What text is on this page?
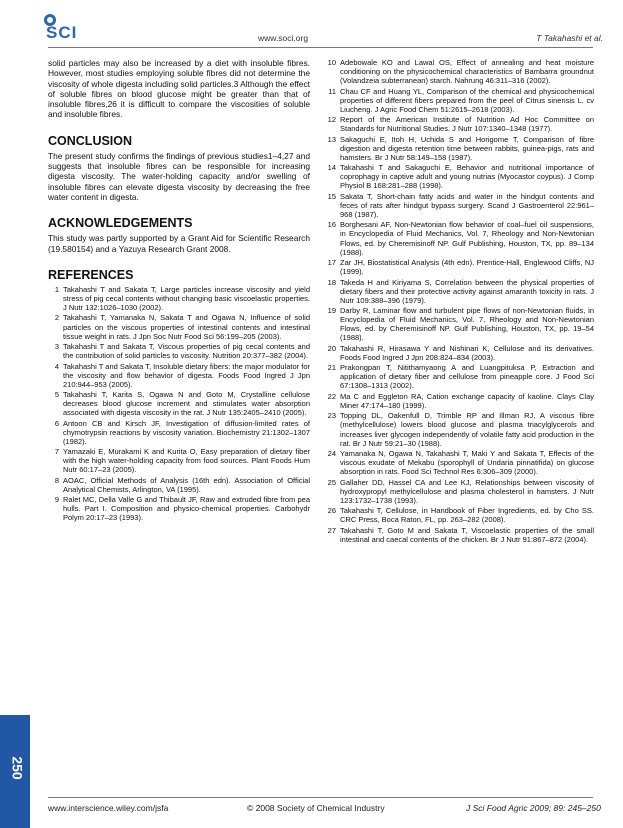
SCI	www.soci.org	T Takahashi et al.

solid particles may also be increased by a diet with insoluble fibres. However, most studies employing soluble fibres did not determine the viscosity of whole digesta including solid particles.3 Although the effect of soluble fibres on blood glucose might be greater than that of insoluble fibres,26 it is difficult to compare the viscosities of soluble and insoluble fibres.

CONCLUSION

The present study confirms the findings of previous studies1–4,27 and suggests that insoluble fibres can be responsible for increasing digesta viscosity. The water-holding capacity and/or swelling of insoluble fibres can elevate digesta viscosity by decreasing the free water content in digesta.

ACKNOWLEDGEMENTS

This study was partly supported by a Grant Aid for Scientific Research (19.580154) and a Yazuya Research Grant 2008.

REFERENCES
1 Takahashi T and Sakata T, Large particles increase viscosity and yield stress of pig cecal contents without changing basic viscoelastic properties. J Nutr 132:1026–1030 (2002).
2 Takahashi T, Yamanaka N, Sakata T and Ogawa N, Influence of solid particles on the viscous properties of intestinal contents and intestinal tissue weight in rats. J Jpn Soc Nutr Food Sci 56:199–205 (2003).
3 Takahashi T and Sakata T, Viscous properties of pig cecal contents and the contribution of solid particles to viscosity. Nutrition 20:377–382 (2004).
4 Takahashi T and Sakata T, Insoluble dietary fibers: the major modulator for the viscosity and flow behavior of digesta. Foods Food Ingred J Jpn 210:944–953 (2005).
5 Takahashi T, Karita S, Ogawa N and Goto M, Crystalline cellulose decreases blood glucose increment and stimulates water absorption associated with digesta viscosity in the rat. J Nutr 135:2405–2410 (2005).
6 Antoon CB and Kirsch JF, Investigation of diffusion-limited rates of chymotrypsin reactions by viscosity variation. Biochemistry 21:1302–1307 (1982).
7 Yamazaki E, Murakami K and Kurita O, Easy preparation of dietary fiber with the high water-holding capacity from food sources. Plant Foods Hum Nutr 60:17–23 (2005).
8 AOAC, Official Methods of Analysis (16th edn). Association of Official Analytical Chemists, Arlington, VA (1995).
9 Ralet MC, Della Valle G and Thibault JF, Raw and extruded fibre from pea hulls. Part I. Composition and physico-chemical properties. Carbohydr Polym 20:17–23 (1993).
10 Adebowale KO and Lawal OS, Effect of annealing and heat moisture conditioning on the physicochemical characteristics of Bambarra groundnut (Volandzeia subterranean) starch. Nahrung 46:311–316 (2002).
11 Chau CF and Huang YL, Comparison of the chemical and physicochemical properties of different fibers prepared from the peel of Citrus sinensis L. cv Liucheng. J Agric Food Chem 51:2615–2618 (2003).
12 Report of the American Institute of Nutrition Ad Hoc Committee on Standards for Nutritional Studies. J Nutr 107:1340–1348 (1977).
13 Sakaguchi E, Itoh H, Uchida S and Horigome T, Comparison of fibre digestion and digesta retention time between rabbits, guinea-pigs, rats and hamsters. Br J Nutr 58:149–158 (1987).
14 Takahashi T and Sakaguchi E, Behavior and nutritional importance of coprophagy in captive adult and young nutrias (Myocastor coypus). J Comp Physiol B 168:281–288 (1998).
15 Sakata T, Short-chain fatty acids and water in the hindgut contents and feces of rats after hindgut bypass surgery. Scand J Gastroenterol 22:961–968 (1987).
16 Borghesani AF, Non-Newtonian flow behavior of coal–fuel oil suspensions, in Encyclopedia of Fluid Mechanics, Vol. 7, Rheology and Non-Newtonian Flows, ed. by Cheremisinoff NP. Gulf Publishing, Houston, TX, pp. 89–134 (1988).
17 Zar JH, Biostatistical Analysis (4th edn). Prentice-Hall, Englewood Cliffs, NJ (1999).
18 Takeda H and Kiriyama S, Correlation between the physical properties of dietary fibers and their protective activity against amaranth toxicity in rats. J Nutr 109:388–396 (1979).
19 Darby R, Laminar flow and turbulent pipe flows of non-Newtonian fluids, in Encyclopedia of Fluid Mechanics, Vol. 7, Rheology and Non-Newtonian Flows, ed. by Cheremisinoff NP. Gulf Publishing, Houston, TX, pp. 19–54 (1988).
20 Takahashi R, Hirasawa Y and Nishinari K, Cellulose and its derivatives. Foods Food Ingred J Jpn 208:824–834 (2003).
21 Prakongpan T, Nitithamyaong A and Luangpituksa P, Extraction and application of dietary fiber and cellulose from pineapple core. J Food Sci 67:1308–1313 (2002).
22 Ma C and Eggleton RA, Cation exchange capacity of kaoline. Clays Clay Miner 47:174–180 (1999).
23 Topping DL, Oakenfull D, Trimble RP and Illman RJ, A viscous fibre (methylcellulose) lowers blood glucose and plasma triacylglycerols and increases liver glycogen independently of volatile fatty acid production in the rat. Br J Nutr 59:21–30 (1988).
24 Yamanaka N, Ogawa N, Takahashi T, Maki Y and Sakata T, Effects of the viscous exudate of Mekabu (sporophyll of Undaria pinnatifida) on glucose absorption in rats. Food Sci Technol Res 6:306–309 (2000).
25 Gallaher DD, Hassel CA and Lee KJ, Relationships between viscosity of hydroxypropyl methylcellulose and plasma cholesterol in hamsters. J Nutr 123:1732–1738 (1993).
26 Takahashi T, Cellulose, in Handbook of Fiber Ingredients, ed. by Cho SS. CRC Press, Boca Raton, FL, pp. 263–282 (2008).
27 Takahashi T, Goto M and Sakata T, Viscoelastic properties of the small intestinal and caecal contents of the chicken. Br J Nutr 91:867–872 (2004).
250
www.interscience.wiley.com/jsfa	© 2008 Society of Chemical Industry	J Sci Food Agric 2009; 89: 245–250
